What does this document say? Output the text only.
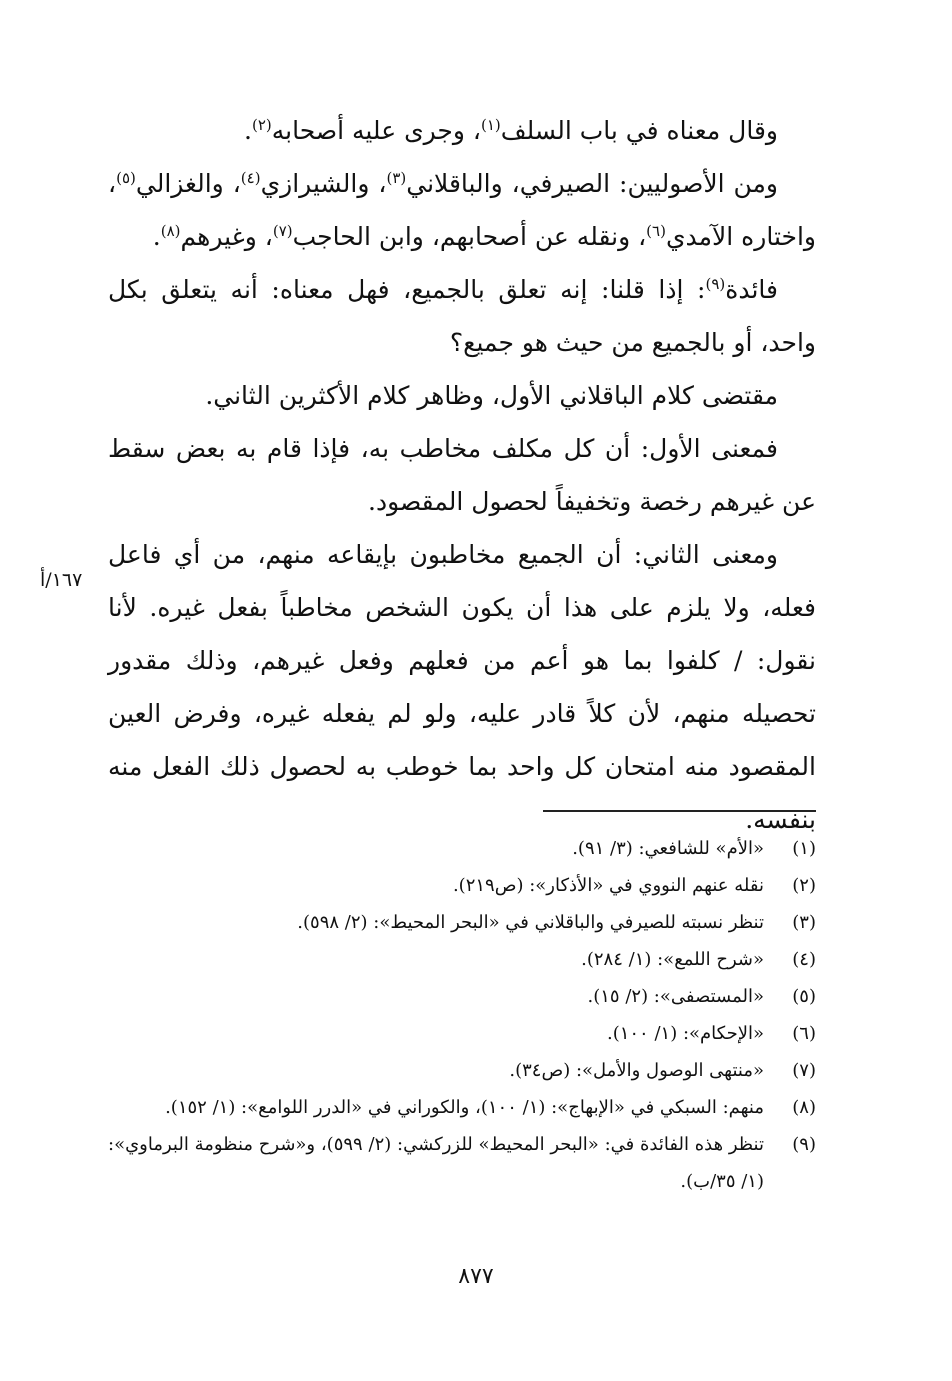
وقال معناه في باب السلف$^{(١)}$، وجرى عليه أصحابه$^{(٢)}$.

ومن الأصوليين: الصيرفي، والباقلاني$^{(٣)}$، والشيرازي$^{(٤)}$، والغزالي$^{(٥)}$، واختاره الآمدي$^{(٦)}$، ونقله عن أصحابهم، وابن الحاجب$^{(٧)}$، وغيرهم$^{(٨)}$.

فائدة$^{(٩)}$: إذا قلنا: إنه تعلق بالجميع، فهل معناه: أنه يتعلق بكل واحد، أو بالجميع من حيث هو جميع؟

مقتضى كلام الباقلاني الأول، وظاهر كلام الأكثرين الثاني.

فمعنى الأول: أن كل مكلف مخاطب به، فإذا قام به بعض سقط عن غيرهم رخصة وتخفيفاً لحصول المقصود.

ومعنى الثاني: أن الجميع مخاطبون بإيقاعه منهم، من أي فاعل فعله، ولا يلزم على هذا أن يكون الشخص مخاطباً بفعل غيره. لأنا نقول: / كلفوا بما هو أعم من فعلهم وفعل غيرهم، وذلك مقدور تحصيله منهم، لأن كلاً قادر عليه، ولو لم يفعله غيره، وفرض العين المقصود منه امتحان كل واحد بما خوطب به لحصول ذلك الفعل منه بنفسه.

١٦٧/أ
(١)
«الأم» للشافعي: (٣/ ٩١).
(٢)
نقله عنهم النووي في «الأذكار»: (ص٢١٩).
(٣)
تنظر نسبته للصيرفي والباقلاني في «البحر المحيط»: (٢/ ٥٩٨).
(٤)
«شرح اللمع»: (١/ ٢٨٤).
(٥)
«المستصفى»: (٢/ ١٥).
(٦)
«الإحكام»: (١/ ١٠٠).
(٧)
«منتهى الوصول والأمل»: (ص٣٤).
(٨)
منهم: السبكي في «الإبهاج»: (١/ ١٠٠)، والكوراني في «الدرر اللوامع»: (١/ ١٥٢).
(٩)
تنظر هذه الفائدة في: «البحر المحيط» للزركشي: (٢/ ٥٩٩)، و«شرح منظومة البرماوي»: (١/ ٣٥/ب).
٨٧٧
